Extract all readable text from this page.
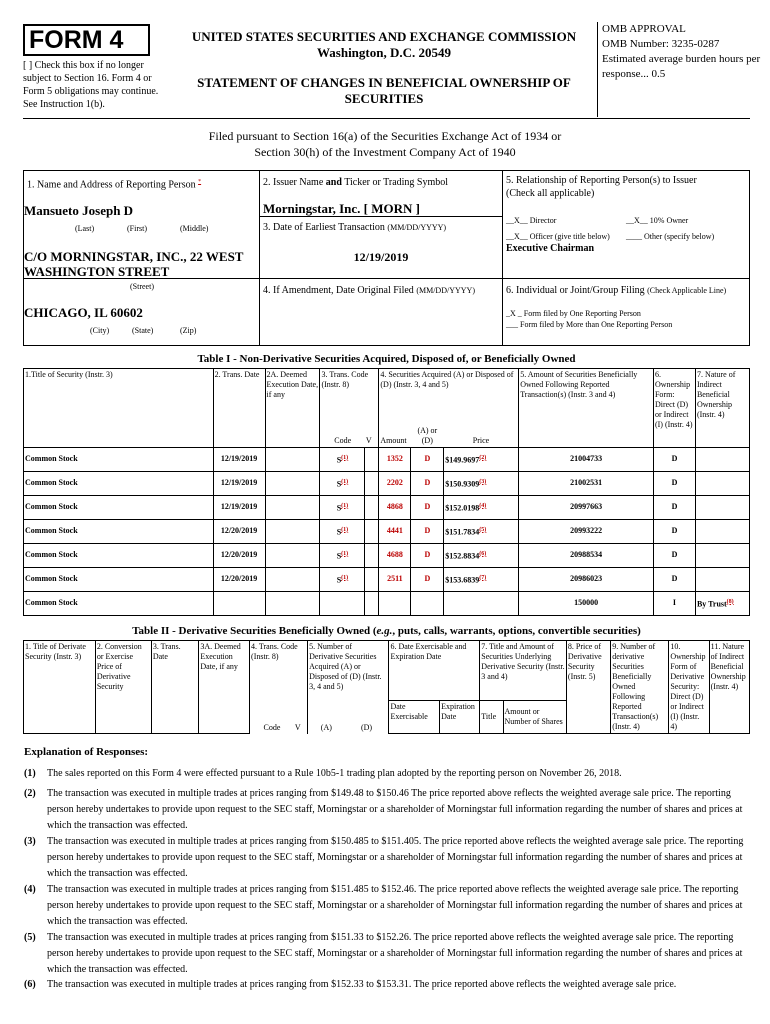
FORM 4
[ ] Check this box if no longer subject to Section 16. Form 4 or Form 5 obligations may continue. See Instruction 1(b).
UNITED STATES SECURITIES AND EXCHANGE COMMISSION
Washington, D.C. 20549
STATEMENT OF CHANGES IN BENEFICIAL OWNERSHIP OF SECURITIES
OMB APPROVAL
OMB Number: 3235-0287
Estimated average burden hours per response... 0.5
Filed pursuant to Section 16(a) of the Securities Exchange Act of 1934 or
Section 30(h) of the Investment Company Act of 1940
1. Name and Address of Reporting Person *
Mansueto Joseph D
(Last)	(First)	(Middle)
C/O MORNINGSTAR, INC., 22 WEST WASHINGTON STREET
(Street)
CHICAGO, IL 60602
(City)	(State)	(Zip)
2. Issuer Name and Ticker or Trading Symbol
Morningstar, Inc. [ MORN ]
3. Date of Earliest Transaction (MM/DD/YYYY)
12/19/2019
4. If Amendment, Date Original Filed (MM/DD/YYYY)
5. Relationship of Reporting Person(s) to Issuer
(Check all applicable)
__X__ Director	__X__ 10% Owner
__X__ Officer (give title below) ____ Other (specify below)
Executive Chairman
6. Individual or Joint/Group Filing (Check Applicable Line)
_X _ Form filed by One Reporting Person
___ Form filed by More than One Reporting Person
Table I - Non-Derivative Securities Acquired, Disposed of, or Beneficially Owned
1.Title of Security (Instr. 3)	2. Trans. Date	2A. Deemed Execution Date, if any	3. Trans. Code (Instr. 8)		4. Securities Acquired (A) or Disposed of (D) (Instr. 3, 4 and 5)			5. Amount of Securities Beneficially Owned Following Reported Transaction(s) (Instr. 3 and 4)	6. Ownership Form: Direct (D) or Indirect (I) (Instr. 4)	7. Nature of Indirect Beneficial Ownership (Instr. 4)
			Code	V	Amount	(A) or (D)	Price			
Common Stock	12/19/2019		$S^{(1)}$		1352	D	$149.9697$^{(2)}$	21004733	D	
Common Stock	12/19/2019		$S^{(1)}$		2202	D	$150.9309$^{(3)}$	21002531	D	
Common Stock	12/19/2019		$S^{(1)}$		4868	D	$152.0198$^{(4)}$	20997663	D	
Common Stock	12/20/2019		$S^{(1)}$		4441	D	$151.7834$^{(5)}$	20993222	D	
Common Stock	12/20/2019		$S^{(1)}$		4688	D	$152.8834$^{(6)}$	20988534	D	
Common Stock	12/20/2019		$S^{(1)}$		2511	D	$153.6839$^{(7)}$	20986023	D	
Common Stock								150000	I	By Trust$^{(8)}$
Table II - Derivative Securities Beneficially Owned (e.g., puts, calls, warrants, options, convertible securities)
1. Title of Derivate Security (Instr. 3)	2. Conversion or Exercise Price of Derivative Security	3. Trans. Date	3A. Deemed Execution Date, if any	4. Trans. Code (Instr. 8)		5. Number of Derivative Securities Acquired (A) or Disposed of (D) (Instr. 3, 4 and 5)		6. Date Exercisable and Expiration Date		7. Title and Amount of Securities Underlying Derivative Security (Instr. 3 and 4)		8. Price of Derivative Security (Instr. 5)	9. Number of derivative Securities Beneficially Owned Following Reported Transaction(s) (Instr. 4)	10. Ownership Form of Derivative Security: Direct (D) or Indirect (I) (Instr. 4)	11. Nature of Indirect Beneficial Ownership (Instr. 4)
				Code	V	(A)	(D)	Date Exercisable	Expiration Date	Title	Amount or Number of Shares				
Explanation of Responses:
(1)	The sales reported on this Form 4 were effected pursuant to a Rule 10b5-1 trading plan adopted by the reporting person on November 26, 2018.
(2)	The transaction was executed in multiple trades at prices ranging from $149.48 to $150.46 The price reported above reflects the weighted average sale price. The reporting person hereby undertakes to provide upon request to the SEC staff, Morningstar or a shareholder of Morningstar full information regarding the number of shares and prices at which the transaction was effected.
(3)	The transaction was executed in multiple trades at prices ranging from $150.485 to $151.405. The price reported above reflects the weighted average sale price. The reporting person hereby undertakes to provide upon request to the SEC staff, Morningstar or a shareholder of Morningstar full information regarding the number of shares and prices at which the transaction was effected.
(4)	The transaction was executed in multiple trades at prices ranging from $151.485 to $152.46. The price reported above reflects the weighted average sale price. The reporting person hereby undertakes to provide upon request to the SEC staff, Morningstar or a shareholder of Morningstar full information regarding the number of shares and prices at which the transaction was effected.
(5)	The transaction was executed in multiple trades at prices ranging from $151.33 to $152.26. The price reported above reflects the weighted average sale price. The reporting person hereby undertakes to provide upon request to the SEC staff, Morningstar or a shareholder of Morningstar full information regarding the number of shares and prices at which the transaction was effected.
(6)	The transaction was executed in multiple trades at prices ranging from $152.33 to $153.31. The price reported above reflects the weighted average sale price.
